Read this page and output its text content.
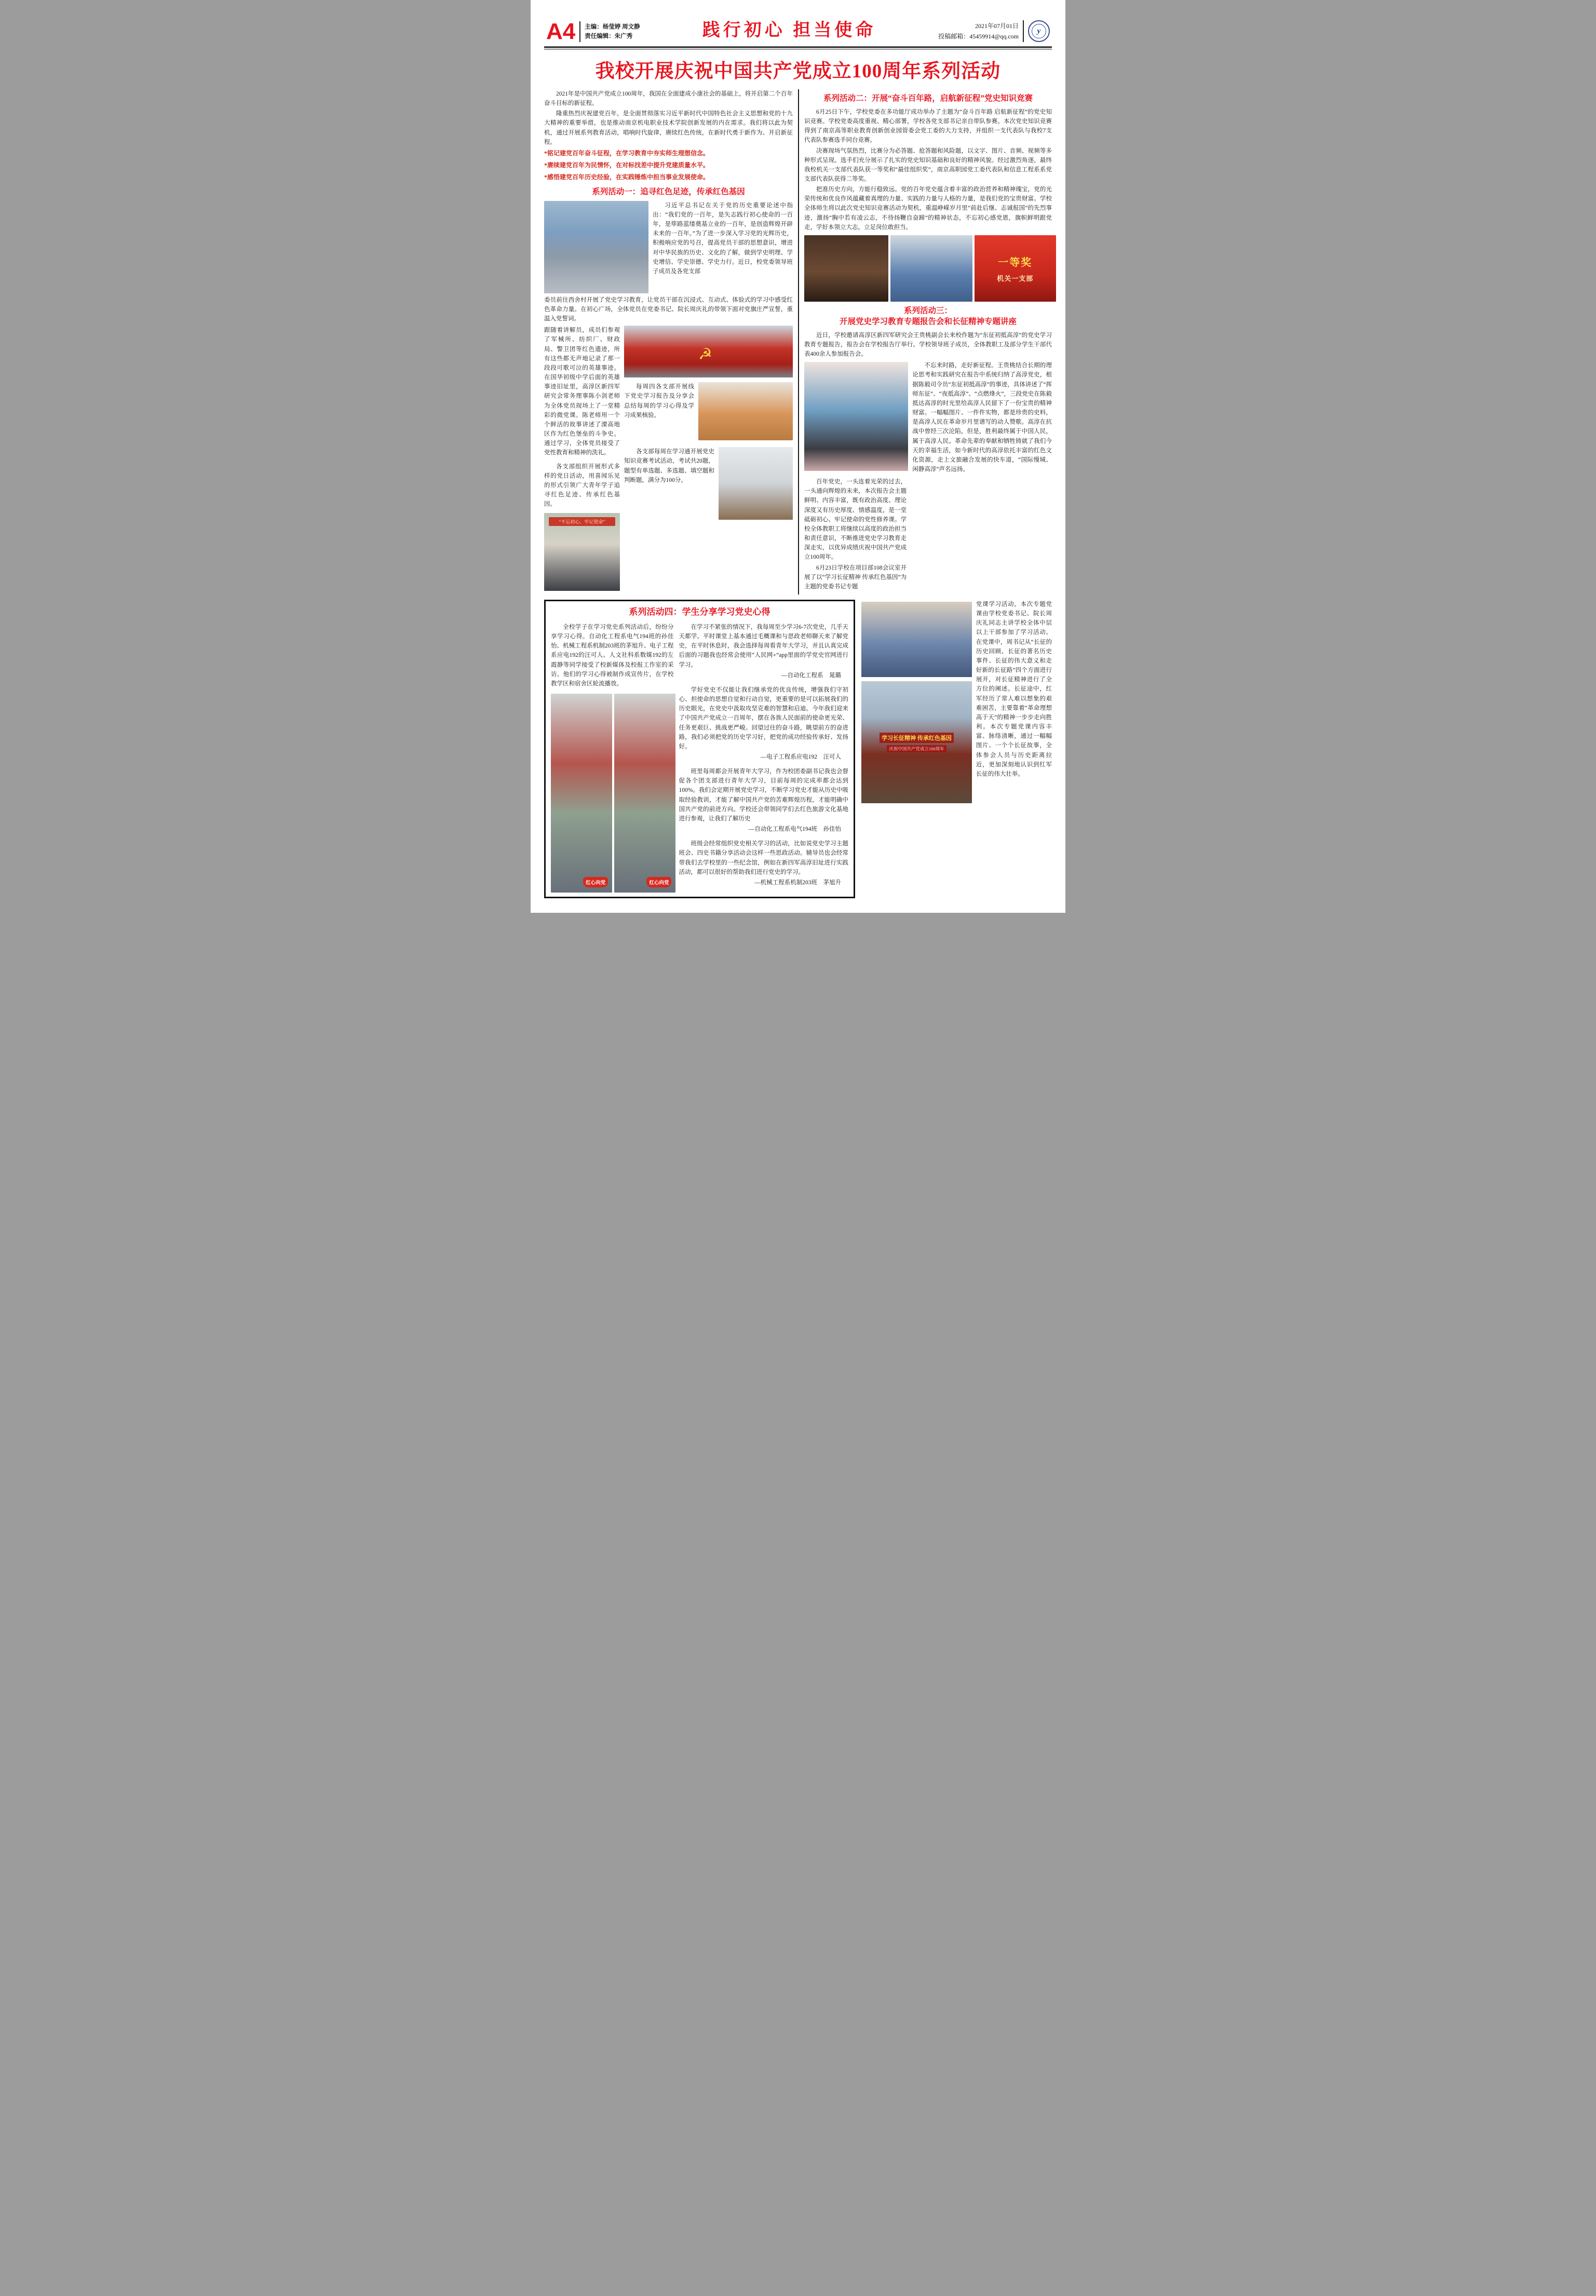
A4 主编：杨莹婷 周文静
责任编辑：朱广秀	践行初心 担当使命	2021年07月01日
投稿邮箱：45459914@qq.com
y
我校开展庆祝中国共产党成立100周年系列活动

2021年是中国共产党成立100周年，我国在全面建成小康社会的基础上，将开启第二个百年奋斗目标的新征程。

隆重热烈庆祝建党百年，是全面贯彻落实习近平新时代中国特色社会主义思想和党的十九大精神的重要举措，也是推动南京机电职业技术学院创新发展的内在需求。我们将以此为契机，通过开展系列教育活动，唱响时代旋律，赓续红色传统，在新时代勇于新作为、开启新征程。

*铭记建党百年奋斗征程，在学习教育中夯实师生理想信念。

*赓续建党百年为民情怀，在对标找差中提升党建质量水平。

*感悟建党百年历史经验，在实践锤炼中担当事业发展使命。

系列活动一：追寻红色足迹，传承红色基因

习近平总书记在关于党的历史重要论述中指出：“我们党的一百年，是矢志践行初心使命的一百年，是筚路蓝缕奠基立业的一百年，是创造辉煌开辟未来的一百年。”为了进一步深入学习党的光辉历史，积极响应党的号召，提高党员干部的思想意识，增进对中华民族的历史、文化的了解，做到学史明理、学史增信、学史崇德、学史力行。近日，校党委领导班子成员及各党支部

委员前往西舍村开展了党史学习教育，让党员干部在沉浸式、互动式、体验式的学习中感受红色革命力量。在初心广场，全体党员在党委书记、院长周庆礼的带领下面对党旗庄严宣誓，重温入党誓词。

跟随着讲解员，成员们参观了军械所、纺织厂、财政局、警卫团等红色遗迹，所有这些都无声地记录了那一段段可歌可泣的英雄事迹。在国华初级中学后面的英雄事迹旧址里，高淳区新四军研究会常务理事陈小剑老师为全体党员现场上了一堂精彩的微党课。陈老师用一个个鲜活的故事讲述了溧高地区作为红色堡垒的斗争史。通过学习，全体党员接受了党性教育和精神的洗礼。

各支部组织开展形式多样的党日活动，用喜闻乐见的形式引领广大青年学子追寻红色足迹、传承红色基因。

“不忘初心、牢记使命”
☭

每周四各支部开展线下党史学习报告及分享会总结每周的学习心得及学习成果核验。

各支部每周在学习通开展党史知识竞赛考试活动，考试共20题，题型有单选题、多选题、填空题和判断题，满分为100分。

系列活动二：开展“奋斗百年路，启航新征程”党史知识竞赛

6月25日下午，学校党委在多功能厅成功举办了主题为“奋斗百年路 启航新征程”的党史知识竞赛。学校党委高度重视、精心部署，学校各党支部书记亲自带队参赛。本次党史知识竞赛得到了南京高等职业教育创新创业园管委会党工委的大力支持，并组织一支代表队与我校7支代表队参赛选手同台竞赛。

决赛现场气氛热烈，比赛分为必答题、抢答题和风险题，以文字、图片、音频、视频等多种形式呈现。选手们充分展示了扎实的党史知识基础和良好的精神风貌。经过激烈角逐，最终我校机关一支部代表队获一等奖和“最佳组织奖”，南京高职园党工委代表队和信息工程系系党支部代表队获得二等奖。

把准历史方向，方能行稳致远。党的百年党史蕴含着丰富的政治营养和精神瑰宝，党的光荣传统和优良作风蕴藏着真理的力量、实践的力量与人格的力量，是我们党的宝贵财富。学校全体师生将以此次党史知识竞赛活动为契机，重温峥嵘岁月里“前赴后继、志诚报国”的先烈事迹，激扬“胸中若有凌云志，不待扬鞭自奋蹄”的精神状态，不忘初心感党恩，旗帜鲜明跟党走，学好本领立大志，立足岗位敢担当。

一等奖
机关一支部
系列活动三：
开展党史学习教育专题报告会和长征精神专题讲座

近日，学校邀请高淳区新四军研究会王贵桃副会长来校作题为“东征初抵高淳”的党史学习教育专题报告，报告会在学校报告厅举行。学校领导班子成员，全体教职工及部分学生干部代表400余人参加报告会。

不忘来时路，走好新征程。王贵桃结合长期的理论思考和实践研究在报告中系统归纳了高淳党史，根据陈毅司令员“东征初抵高淳”的事迹，具体讲述了“挥师东征”、“夜抵高淳”、“点燃烽火”，三段党史在陈毅抵达高淳的时光里给高淳人民留下了一份宝贵的精神财富。一幅幅图片、一件件实物，都是珍贵的史料，是高淳人民在革命岁月里谱写的动人赞歌。高淳在抗战中曾经三次沦陷，但是，胜利最终属于中国人民，属于高淳人民。革命先辈的奉献和牺牲铸就了我们今天的幸福生活，如今新时代的高淳依托丰富的红色文化资源，走上文旅融合发展的快车道，“国际慢城、闲静高淳”声名远扬。

百年党史，一头连着光荣的过去，一头通向辉煌的未来，本次报告会主题鲜明、内容丰富，既有政治高度、理论深度又有历史厚度、情感温度，是一堂砥砺初心、牢记使命的党性修养课。学校全体教职工将继续以高度的政治担当和责任意识，不断推进党史学习教育走深走实，以优异成绩庆祝中国共产党成立100周年。

6月23日学校在项目部108会议室开展了以“学习长征精神 传承红色基因”为主题的党委书记专题

系列活动四：学生分享学习党史心得

全校学子在学习党史系列活动后，纷纷分享学习心得。自动化工程系电气194班的孙佳怡、机械工程系机制203班的茅旭升、电子工程系应电192的汪可人、人文社科系数媒192的左霞静等同学接受了校新媒体及校报工作室的采访。他们的学习心得被制作成宣传片，在学校教学区和宿舍区轮流播放。

红心向党	红心向党

在学习不紧张的情况下，我每周至少学习6-7次党史，几乎天天都学。平时课堂上基本通过毛概课和与思政老师聊天来了解党史，在平时休息时，我会选择每周看青年大学习，并且认真完成后面的习题我也经常会使用“人民网+”app里面的学党史官网进行学习。

—自动化工程系　晁璐

学好党史不仅能让我们继承党的优良传统，增强我们守初心、担使命的思想自觉和行动自觉，更重要的是可以拓展我们的历史眼光，在党史中汲取攻坚克难的智慧和启迪。今年我们迎来了中国共产党成立一百周年，摆在各族人民面前的使命更光荣、任务更艰巨、挑战更严峻。回望过往的奋斗路，眺望前方的奋进路，我们必须把党的历史学习好，把党的成功经验传承好、发扬好。

—电子工程系应电192　汪可人

班里每周都会开展青年大学习，作为校团委副书记我也会督促各个团支部进行青年大学习，目前每周的完成率都会达到100%。我们会定期开展党史学习，不断学习党史才能从历史中吸取经验教训，才能了解中国共产党的苦难辉煌历程，才能明确中国共产党的前进方向。学校还会带领同学们去红色旅游文化基地进行参观，让我们了解历史

—自动化工程系电气194班　孙佳怡

班级会经常组织党史相关学习的活动，比如说党史学习主题班会、四史书籍分享活动会这样一些思政活动。辅导员也会经常带我们去学校里的一些纪念馆，例如在新四军高淳旧址进行实践活动，都可以很好的帮助我们进行党史的学习。

—机械工程系机制203班　茅旭升

学习长征精神 传承红色基因
庆祝中国共产党成立100周年

党课学习活动。本次专题党课由学校党委书记、院长周庆礼同志主讲学校全体中层以上干部参加了学习活动。在党课中，周书记从“长征的历史回顾、长征的著名历史事件、长征的伟大意义和走好新的长征路”四个方面进行展开，对长征精神进行了全方位的阐述。长征途中，红军经历了常人难以想象的艰难困苦，主要靠着“革命理想高于天”的精神一步步走向胜利。本次专题党课内容丰富、脉络清晰，通过一幅幅图片、一个个长征故事，全体参会人员与历史距离拉近，更加深刻地认识到红军长征的伟大壮举。
